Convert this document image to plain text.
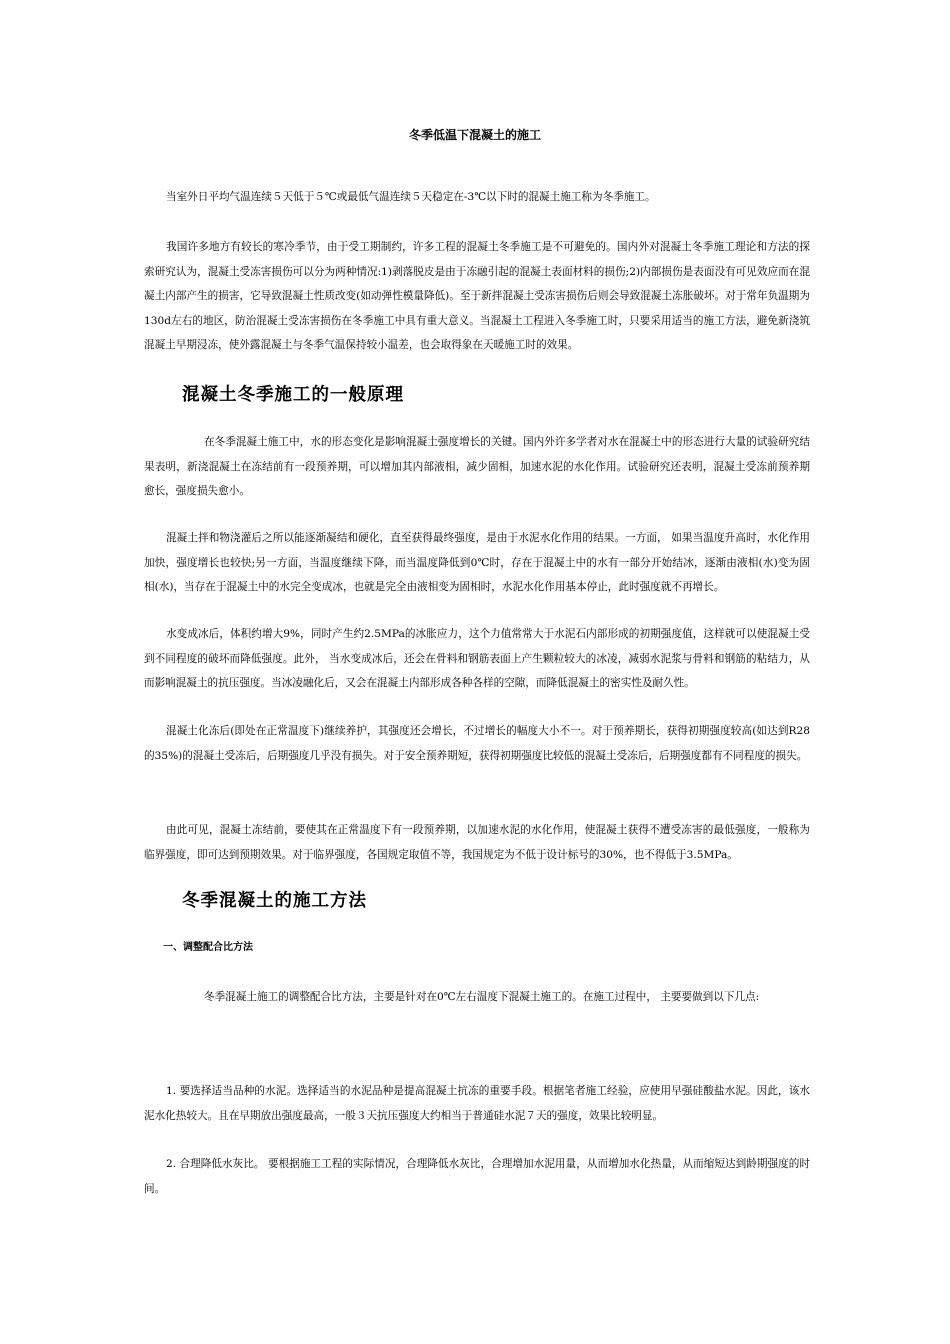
冬季低温下混凝土的施工

当室外日平均气温连续５天低于５℃或最低气温连续５天稳定在-3℃以下时的混凝土施工称为冬季施工。

我国许多地方有较长的寒冷季节，由于受工期制约，许多工程的混凝土冬季施工是不可避免的。国内外对混凝土冬季施工理论和方法的探索研究认为，混凝土受冻害损伤可以分为两种情况:1)剥落脱皮是由于冻融引起的混凝土表面材料的损伤;2)内部损伤是表面没有可见效应而在混凝土内部产生的损害，它导致混凝土性质改变(如动弹性模量降低)。至于新拌混凝土受冻害损伤后则会导致混凝土冻胀破坏。对于常年负温期为130d左右的地区，防治混凝土受冻害损伤在冬季施工中具有重大意义。当混凝土工程进入冬季施工时，只要采用适当的施工方法，避免新浇筑混凝土早期浸冻，使外露混凝土与冬季气温保持较小温差，也会取得象在天暖施工时的效果。

混凝土冬季施工的一般原理

在冬季混凝土施工中，水的形态变化是影响混凝土强度增长的关键。国内外许多学者对水在混凝土中的形态进行大量的试验研究结果表明，新浇混凝土在冻结前有一段预养期，可以增加其内部液相，减少固相，加速水泥的水化作用。试验研究还表明，混凝土受冻前预养期愈长，强度损失愈小。

混凝土拌和物浇灌后之所以能逐渐凝结和硬化，直至获得最终强度，是由于水泥水化作用的结果。一方面， 如果当温度升高时，水化作用加快，强度增长也较快;另一方面，当温度继续下降，而当温度降低到0℃时，存在于混凝土中的水有一部分开始结冰，逐渐由液相(水)变为固相(水)，当存在于混凝土中的水完全变成冰，也就是完全由液相变为固相时，水泥水化作用基本停止，此时强度就不再增长。

水变成冰后，体积约增大9%，同时产生约2.5MPa的冰胀应力，这个力值常常大于水泥石内部形成的初期强度值，这样就可以使混凝土受到不同程度的破坏而降低强度。此外， 当水变成冰后，还会在骨料和钢筋表面上产生颗粒较大的冰凌，减弱水泥浆与骨料和钢筋的粘结力，从而影响混凝土的抗压强度。当冰凌融化后，又会在混凝土内部形成各种各样的空隙，而降低混凝土的密实性及耐久性。

混凝土化冻后(即处在正常温度下)继续养护，其强度还会增长，不过增长的幅度大小不一。对于预养期长，获得初期强度较高(如达到R28的35%)的混凝土受冻后，后期强度几乎没有损失。对于安全预养期短，获得初期强度比较低的混凝土受冻后，后期强度都有不同程度的损失。

由此可见，混凝土冻结前，要使其在正常温度下有一段预养期，以加速水泥的水化作用，使混凝土获得不遭受冻害的最低强度，一般称为临界强度，即可达到预期效果。对于临界强度，各国规定取值不等，我国规定为不低于设计标号的30%，也不得低于3.5MPa。

冬季混凝土的施工方法
一、调整配合比方法

冬季混凝土施工的调整配合比方法，主要是针对在0℃左右温度下混凝土施工的。在施工过程中， 主要要做到以下几点:

1. 要选择适当品种的水泥。选择适当的水泥品种是提高混凝土抗冻的重要手段。根据笔者施工经验，应使用早强硅酸盐水泥。因此，该水泥水化热较大。且在早期放出强度最高，一般３天抗压强度大约相当于普通硅水泥７天的强度，效果比较明显。

2. 合理降低水灰比。 要根据施工工程的实际情况，合理降低水灰比，合理增加水泥用量，从而增加水化热量，从而缩短达到龄期强度的时间。
